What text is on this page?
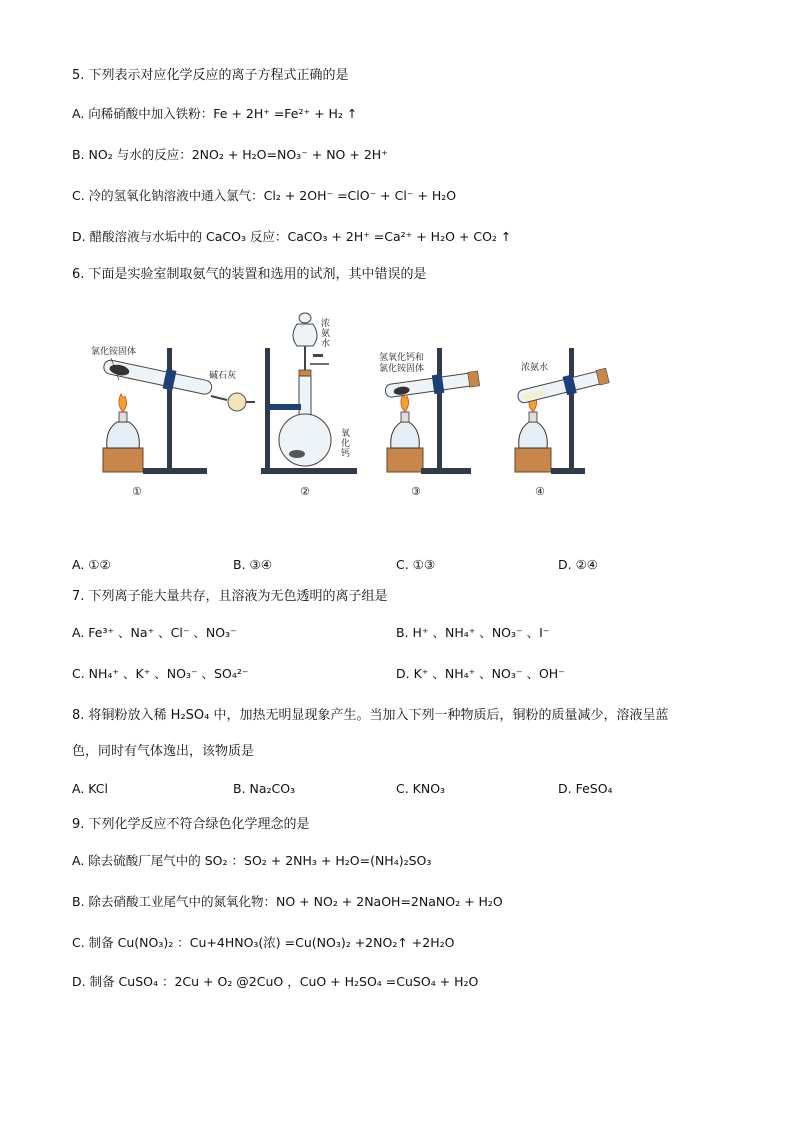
5. 下列表示对应化学反应的离子方程式正确的是
A. 向稀硝酸中加入铁粉：Fe + 2H⁺ =Fe²⁺ + H₂ ↑
B. NO₂ 与水的反应：2NO₂ + H₂O=NO₃⁻ + NO + 2H⁺
C. 冷的氢氧化钠溶液中通入氯气：Cl₂ + 2OH⁻ =ClO⁻ + Cl⁻ + H₂O
D. 醋酸溶液与水垢中的 CaCO₃ 反应：CaCO₃ + 2H⁺ =Ca²⁺ + H₂O + CO₂ ↑
6. 下面是实验室制取氨气的装置和选用的试剂，其中错误的是
氯化铵固体
碱石灰
①
浓
氨
水
氧
化
钙
②
氢氧化钙和
氯化铵固体
③
浓氨水
④
A. ①②	B. ③④	C. ①③	D. ②④
7. 下列离子能大量共存，且溶液为无色透明的离子组是
A. Fe³⁺ 、Na⁺ 、Cl⁻ 、NO₃⁻	B. H⁺ 、NH₄⁺ 、NO₃⁻ 、I⁻
C. NH₄⁺ 、K⁺ 、NO₃⁻ 、SO₄²⁻	D. K⁺ 、NH₄⁺ 、NO₃⁻ 、OH⁻
8. 将铜粉放入稀 H₂SO₄ 中，加热无明显现象产生。当加入下列一种物质后，铜粉的质量减少，溶液呈蓝
色，同时有气体逸出，该物质是
A. KCl	B. Na₂CO₃	C. KNO₃	D. FeSO₄
9. 下列化学反应不符合绿色化学理念的是
A. 除去硫酸厂尾气中的 SO₂ ：SO₂ + 2NH₃ + H₂O=(NH₄)₂SO₃
B. 除去硝酸工业尾气中的氮氧化物：NO + NO₂ + 2NaOH=2NaNO₂ + H₂O
C. 制备 Cu(NO₃)₂ ：Cu+4HNO₃(浓) =Cu(NO₃)₂ +2NO₂↑ +2H₂O
D. 制备 CuSO₄ ：2Cu + O₂ @2CuO ，CuO + H₂SO₄ =CuSO₄ + H₂O
